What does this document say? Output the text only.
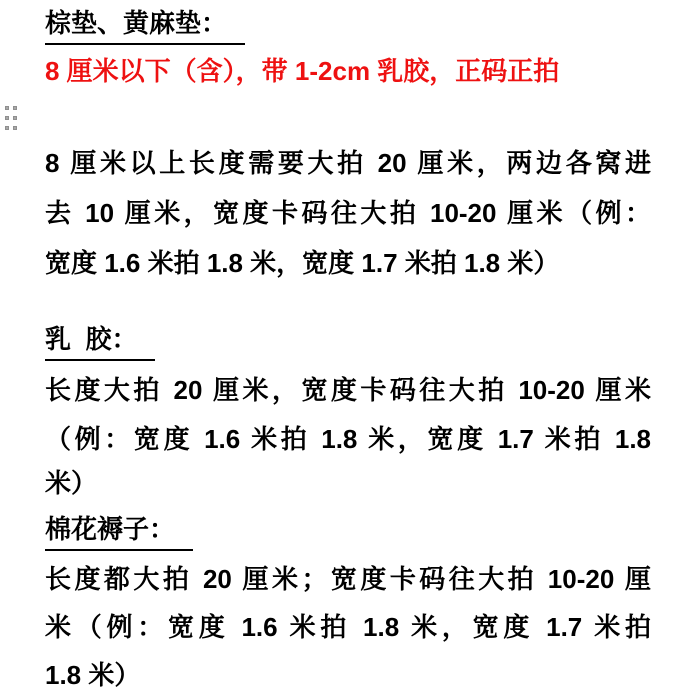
棕垫、黄麻垫：
8 厘米以下（含），带 1-2cm 乳胶，正码正拍
8 厘米以上长度需要大拍 20 厘米，两边各窝进
去 10 厘米，宽度卡码往大拍 10-20 厘米（例：
宽度 1.6 米拍 1.8 米，宽度 1.7 米拍 1.8 米）
乳  胶：
长度大拍 20 厘米，宽度卡码往大拍 10-20 厘米
（例：宽度 1.6 米拍 1.8 米，宽度 1.7 米拍 1.8
米）
棉花褥子：
长度都大拍 20 厘米；宽度卡码往大拍 10-20 厘
米（例：宽度 1.6 米拍 1.8 米，宽度 1.7 米拍
1.8 米）
